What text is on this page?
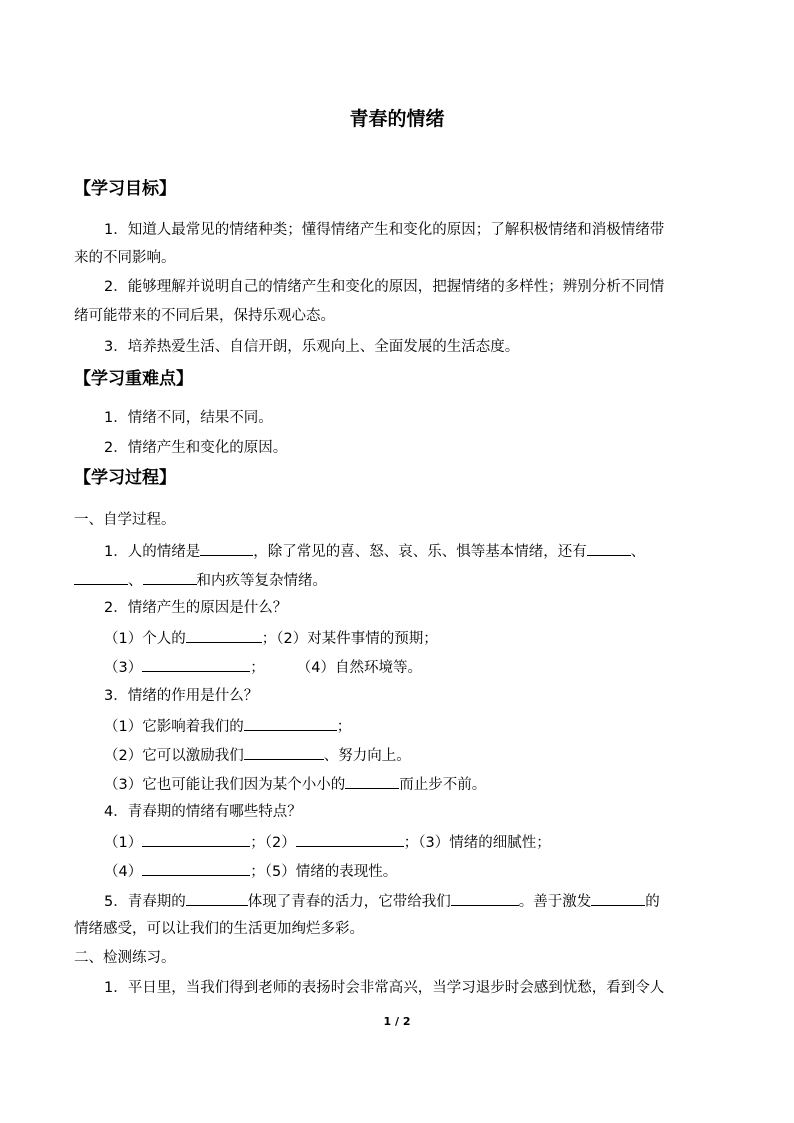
青春的情绪
【学习目标】
1．知道人最常见的情绪种类；懂得情绪产生和变化的原因；了解积极情绪和消极情绪带
来的不同影响。
2．能够理解并说明自己的情绪产生和变化的原因，把握情绪的多样性；辨别分析不同情
绪可能带来的不同后果，保持乐观心态。
3．培养热爱生活、自信开朗，乐观向上、全面发展的生活态度。
【学习重难点】
1．情绪不同，结果不同。
2．情绪产生和变化的原因。
【学习过程】
一、自学过程。
1．人的情绪是	，除了常见的喜、怒、哀、乐、惧等基本情绪，还有	、
、	和内疚等复杂情绪。
2．情绪产生的原因是什么？
（1）个人的	；（2）对某件事情的预期；
（3）	； （4）自然环境等。
3．情绪的作用是什么？
（1）它影响着我们的	；
（2）它可以激励我们	、努力向上。
（3）它也可能让我们因为某个小小的	而止步不前。
4．青春期的情绪有哪些特点？
（1）	；（2）	；（3）情绪的细腻性；
（4）	；（5）情绪的表现性。
5．青春期的	体现了青春的活力，它带给我们	。善于激发	的
情绪感受，可以让我们的生活更加绚烂多彩。
二、检测练习。
1．平日里，当我们得到老师的表扬时会非常高兴，当学习退步时会感到忧愁，看到令人
1 / 2
